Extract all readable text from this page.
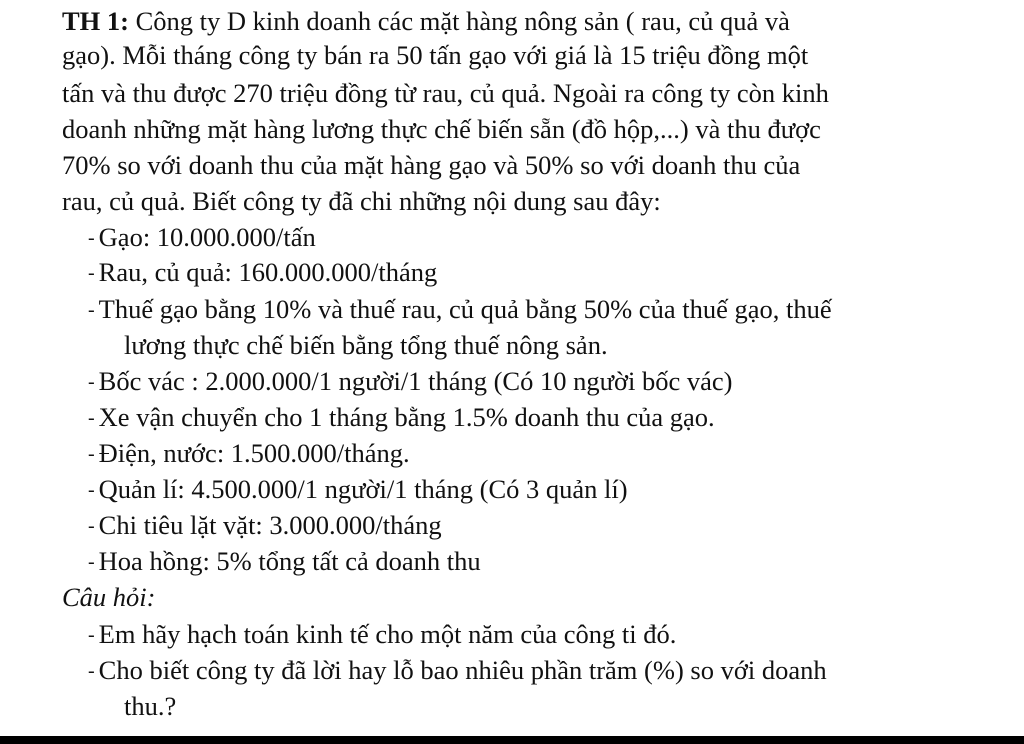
TH 1: Công ty D kinh doanh các mặt hàng nông sản ( rau, củ quả và
gạo). Mỗi tháng công ty bán ra 50 tấn gạo với giá là 15 triệu đồng một
tấn và thu được 270 triệu đồng từ rau, củ quả. Ngoài ra công ty còn kinh
doanh những mặt hàng lương thực chế biến sẵn (đồ hộp,...) và thu được
70% so với doanh thu của mặt hàng gạo và 50% so với doanh thu của
rau, củ quả. Biết công ty đã chi những nội dung sau đây:
- Gạo: 10.000.000/tấn
- Rau, củ quả: 160.000.000/tháng
- Thuế gạo bằng 10% và thuế rau, củ quả bằng 50% của thuế gạo, thuế
lương thực chế biến bằng tổng thuế nông sản.
- Bốc vác : 2.000.000/1 người/1 tháng (Có 10 người bốc vác)
- Xe vận chuyển cho 1 tháng bằng 1.5% doanh thu của gạo.
- Điện, nước: 1.500.000/tháng.
- Quản lí: 4.500.000/1 người/1 tháng (Có 3 quản lí)
- Chi tiêu lặt vặt: 3.000.000/tháng
- Hoa hồng: 5% tổng tất cả doanh thu
Câu hỏi:
- Em hãy hạch toán kinh tế cho một năm của công ti đó.
- Cho biết công ty đã lời hay lỗ bao nhiêu phần trăm (%) so với doanh
thu.?
